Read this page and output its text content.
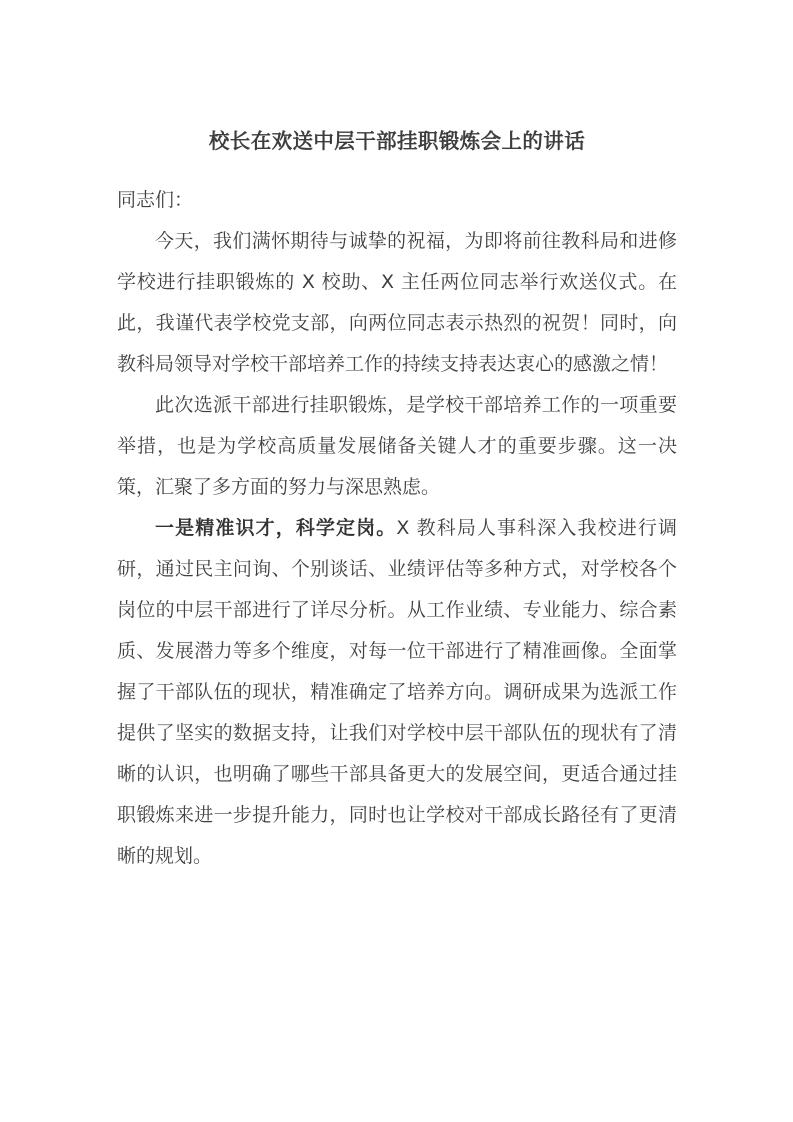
校长在欢送中层干部挂职锻炼会上的讲话

同志们：

今天，我们满怀期待与诚挚的祝福，为即将前往教科局和进修学校进行挂职锻炼的 X 校助、X 主任两位同志举行欢送仪式。在此，我谨代表学校党支部，向两位同志表示热烈的祝贺！同时，向教科局领导对学校干部培养工作的持续支持表达衷心的感激之情！

此次选派干部进行挂职锻炼，是学校干部培养工作的一项重要举措，也是为学校高质量发展储备关键人才的重要步骤。这一决策，汇聚了多方面的努力与深思熟虑。

一是精准识才，科学定岗。X 教科局人事科深入我校进行调研，通过民主问询、个别谈话、业绩评估等多种方式，对学校各个岗位的中层干部进行了详尽分析。从工作业绩、专业能力、综合素质、发展潜力等多个维度，对每一位干部进行了精准画像。全面掌握了干部队伍的现状，精准确定了培养方向。调研成果为选派工作提供了坚实的数据支持，让我们对学校中层干部队伍的现状有了清晰的认识，也明确了哪些干部具备更大的发展空间，更适合通过挂职锻炼来进一步提升能力，同时也让学校对干部成长路径有了更清晰的规划。
